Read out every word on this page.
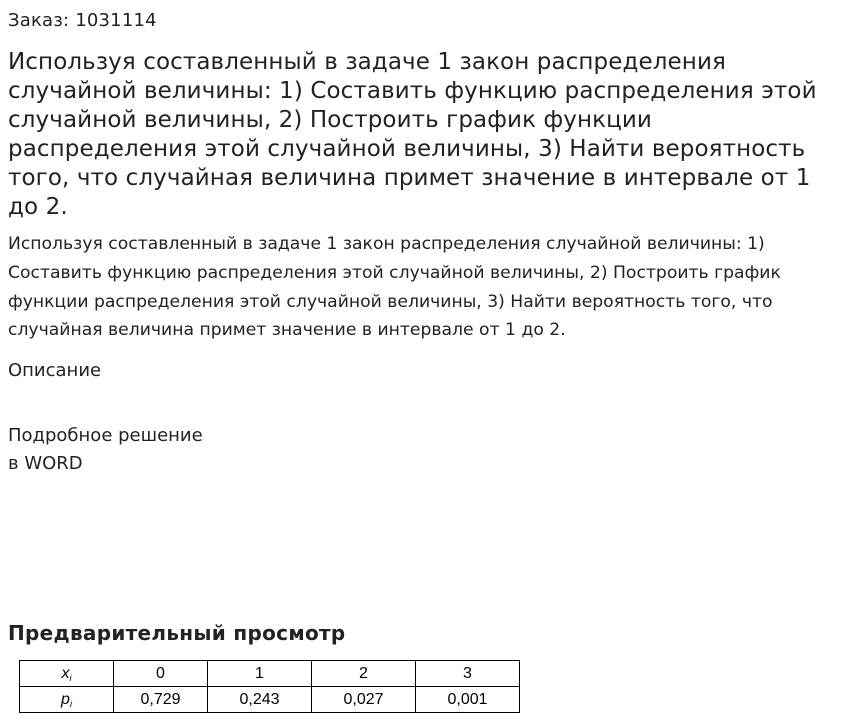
Заказ: 1031114
Используя составленный в задаче 1 закон распределения случайной величины: 1) Составить функцию распределения этой случайной величины, 2) Построить график функции распределения этой случайной величины, 3) Найти вероятность того, что случайная величина примет значение в интервале от 1 до 2.
Используя составленный в задаче 1 закон распределения случайной величины: 1) Составить функцию распределения этой случайной величины, 2) Построить график функции распределения этой случайной величины, 3) Найти вероятность того, что случайная величина примет значение в интервале от 1 до 2.
Описание
Подробное решение
в WORD
Предварительный просмотр
$x_i$	0	1	2	3
$p_i$	0,729	0,243	0,027	0,001
